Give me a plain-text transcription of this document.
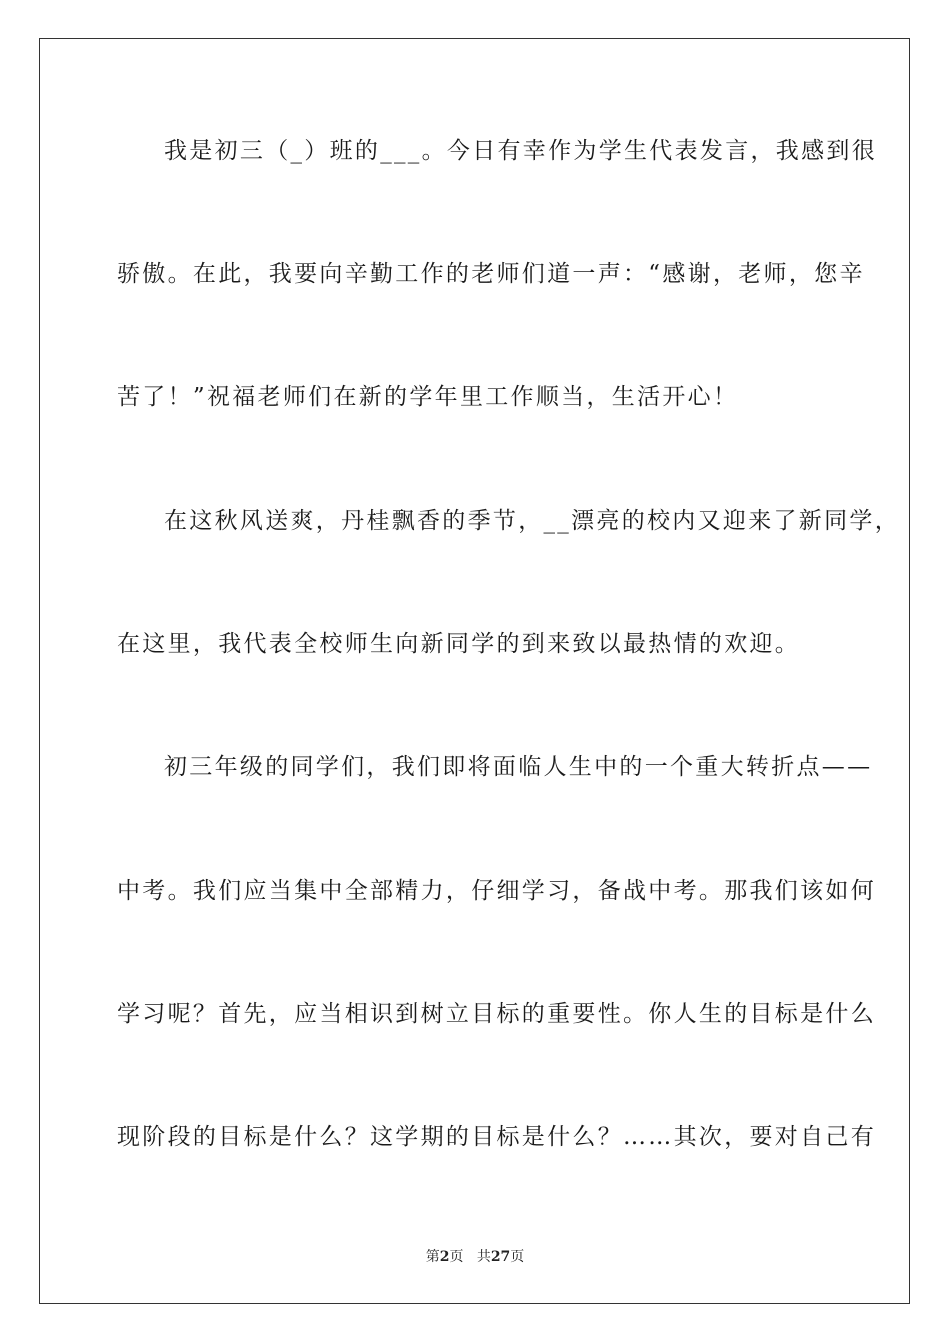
我是初三（_）班的___。今日有幸作为学生代表发言，我感到很
骄傲。在此，我要向辛勤工作的老师们道一声：“感谢，老师，您辛
苦了！”祝福老师们在新的学年里工作顺当，生活开心！
在这秋风送爽，丹桂飘香的季节，__漂亮的校内又迎来了新同学，
在这里，我代表全校师生向新同学的到来致以最热情的欢迎。
初三年级的同学们，我们即将面临人生中的一个重大转折点——
中考。我们应当集中全部精力，仔细学习，备战中考。那我们该如何
学习呢？首先，应当相识到树立目标的重要性。你人生的目标是什么
现阶段的目标是什么？这学期的目标是什么？……其次，要对自己有
第2页 共27页
